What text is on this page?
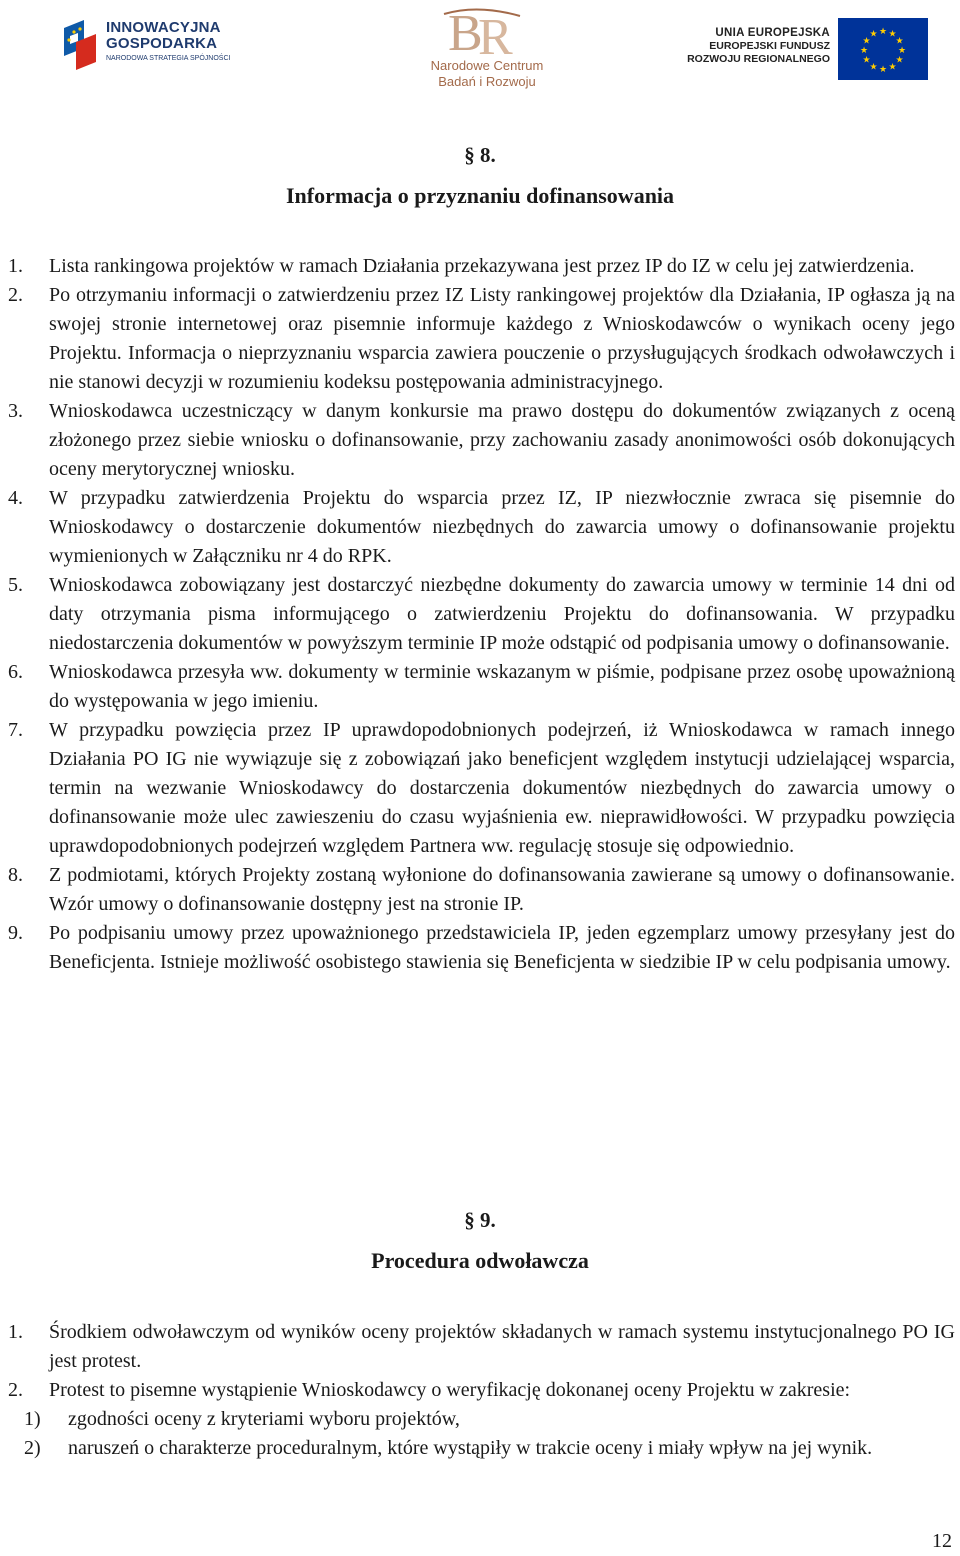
INNOWACYJNA
GOSPODARKA
NARODOWA STRATEGIA SPÓJNOŚCI	B
R
Narodowe Centrum
Badań i Rozwoju
UNIA EUROPEJSKA
EUROPEJSKI FUNDUSZ
ROZWOJU REGIONALNEGO
★
★
★
★
★
★
★
★
★ ★ ★
★
§ 8.
Informacja o przyznaniu dofinansowania
1. Lista rankingowa projektów w ramach Działania przekazywana jest przez IP do IZ w celu jej zatwierdzenia.
2. Po otrzymaniu informacji o zatwierdzeniu przez IZ Listy rankingowej projektów dla Działania, IP ogłasza ją na swojej stronie internetowej oraz pisemnie informuje każdego z Wnioskodawców o wynikach oceny jego Projektu. Informacja o nieprzyznaniu wsparcia zawiera pouczenie o przysługujących środkach odwoławczych i nie stanowi decyzji w rozumieniu kodeksu postępowania administracyjnego.
3. Wnioskodawca uczestniczący w danym konkursie ma prawo dostępu do dokumentów związanych z oceną złożonego przez siebie wniosku o dofinansowanie, przy zachowaniu zasady anonimowości osób dokonujących oceny merytorycznej wniosku.
4. W przypadku zatwierdzenia Projektu do wsparcia przez IZ, IP niezwłocznie zwraca się pisemnie do Wnioskodawcy o dostarczenie dokumentów niezbędnych do zawarcia umowy o dofinansowanie projektu wymienionych w Załączniku nr 4 do RPK.
5. Wnioskodawca zobowiązany jest dostarczyć niezbędne dokumenty do zawarcia umowy w terminie 14 dni od daty otrzymania pisma informującego o zatwierdzeniu Projektu do dofinansowania. W przypadku niedostarczenia dokumentów w powyższym terminie IP może odstąpić od podpisania umowy o dofinansowanie.
6. Wnioskodawca przesyła ww. dokumenty w terminie wskazanym w piśmie, podpisane przez osobę upoważnioną do występowania w jego imieniu.
7. W przypadku powzięcia przez IP uprawdopodobnionych podejrzeń, iż Wnioskodawca w ramach innego Działania PO IG nie wywiązuje się z zobowiązań jako beneficjent względem instytucji udzielającej wsparcia, termin na wezwanie Wnioskodawcy do dostarczenia dokumentów niezbędnych do zawarcia umowy o dofinansowanie może ulec zawieszeniu do czasu wyjaśnienia ew. nieprawidłowości. W przypadku powzięcia uprawdopodobnionych podejrzeń względem Partnera ww. regulację stosuje się odpowiednio.
8. Z podmiotami, których Projekty zostaną wyłonione do dofinansowania zawierane są umowy o dofinansowanie. Wzór umowy o dofinansowanie dostępny jest na stronie IP.
9. Po podpisaniu umowy przez upoważnionego przedstawiciela IP, jeden egzemplarz umowy przesyłany jest do Beneficjenta. Istnieje możliwość osobistego stawienia się Beneficjenta w siedzibie IP w celu podpisania umowy.
§ 9.
Procedura odwoławcza
1. Środkiem odwoławczym od wyników oceny projektów składanych w ramach systemu instytucjonalnego PO IG jest protest.
2. Protest to pisemne wystąpienie Wnioskodawcy o weryfikację dokonanej oceny Projektu w zakresie:
1) zgodności oceny z kryteriami wyboru projektów,
2) naruszeń o charakterze proceduralnym, które wystąpiły w trakcie oceny i miały wpływ na jej wynik.
12
